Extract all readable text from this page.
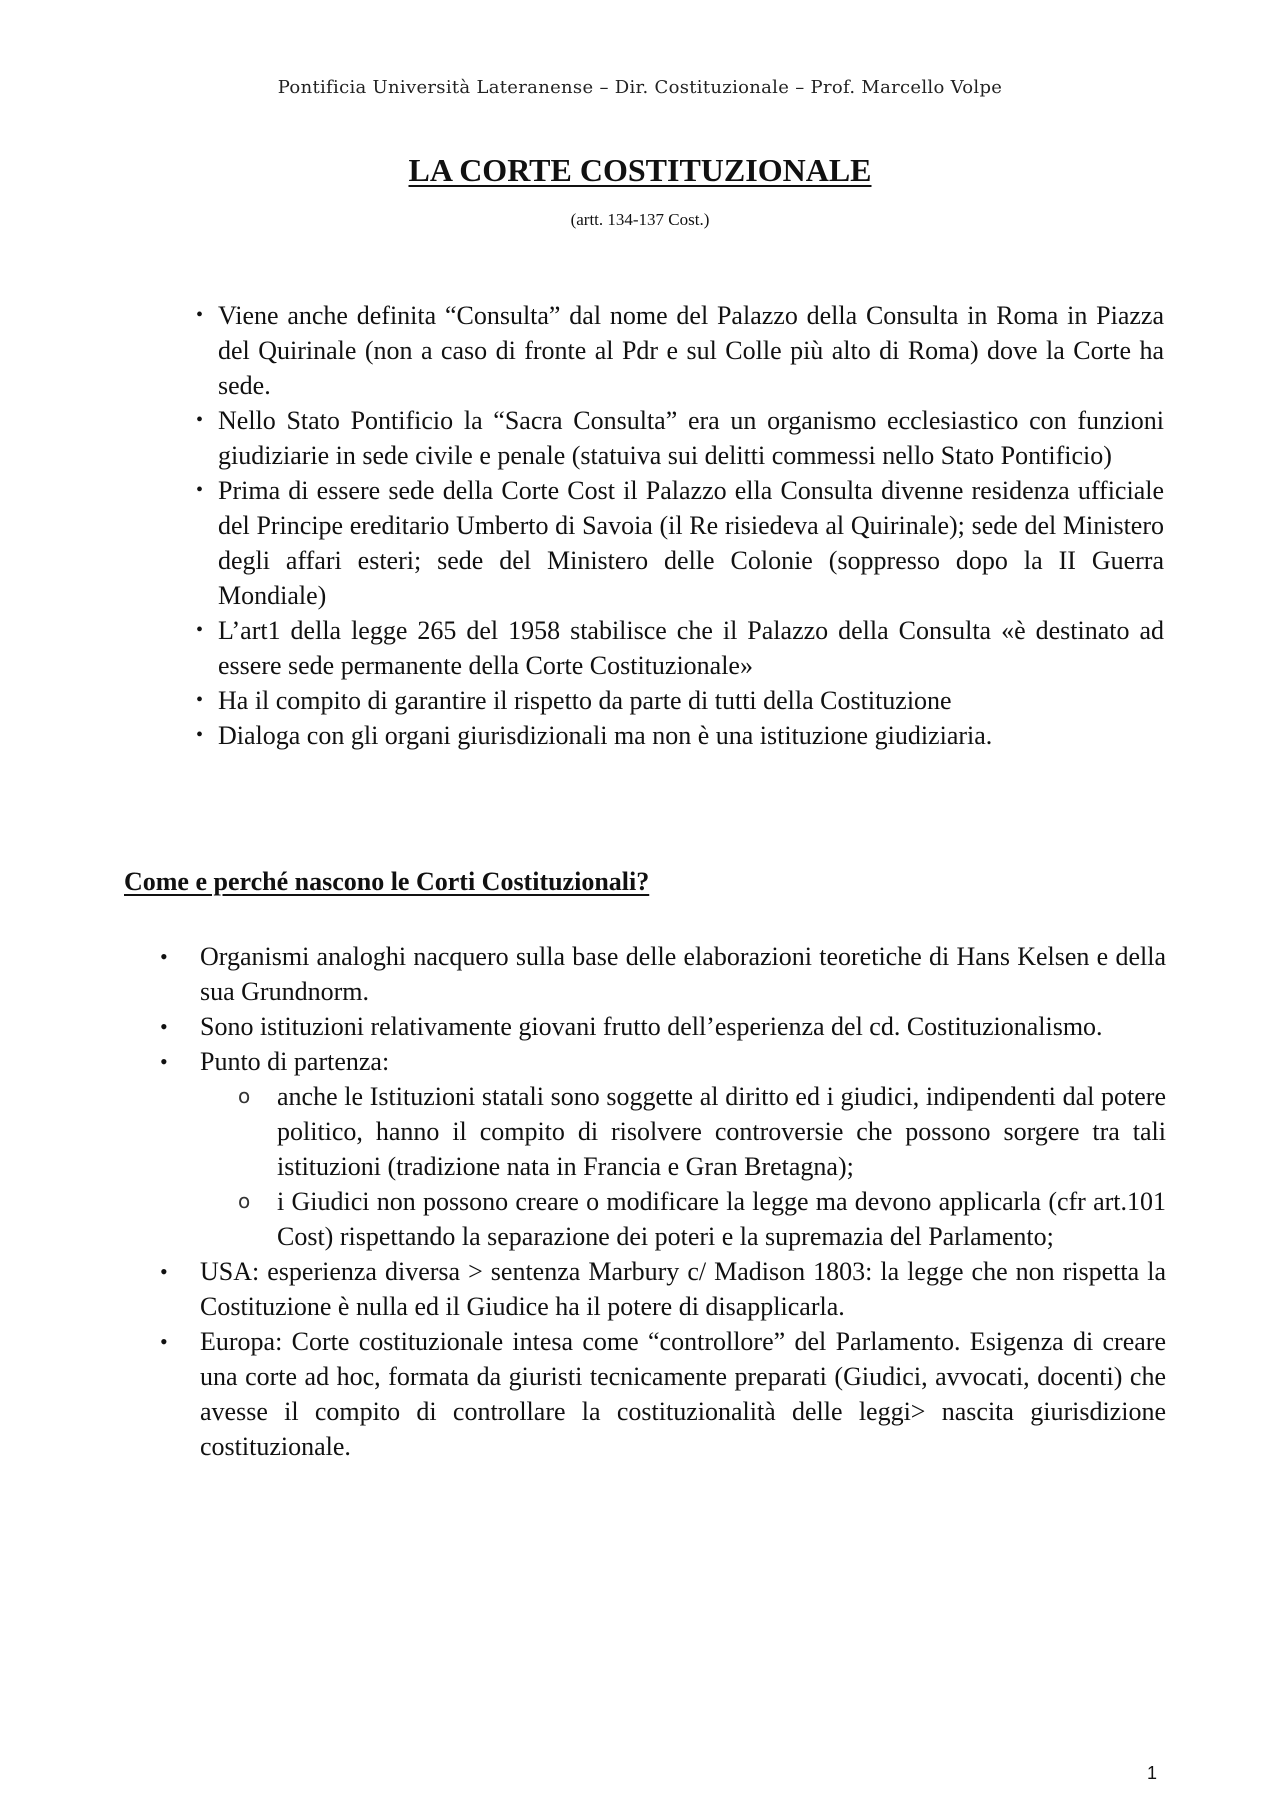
Pontificia Università Lateranense – Dir. Costituzionale – Prof. Marcello Volpe
LA CORTE COSTITUZIONALE
(artt. 134-137 Cost.)
• Viene anche definita “Consulta” dal nome del Palazzo della Consulta in Roma in Piazza del Quirinale (non a caso di fronte al Pdr e sul Colle più alto di Roma) dove la Corte ha sede.
• Nello Stato Pontificio la “Sacra Consulta” era un organismo ecclesiastico con funzioni giudiziarie in sede civile e penale (statuiva sui delitti commessi nello Stato Pontificio)
• Prima di essere sede della Corte Cost il Palazzo ella Consulta divenne residenza ufficiale del Principe ereditario Umberto di Savoia (il Re risiedeva al Quirinale); sede del Ministero degli affari esteri; sede del Ministero delle Colonie (soppresso dopo la II Guerra Mondiale)
• L’art1 della legge 265 del 1958 stabilisce che il Palazzo della Consulta «è destinato ad essere sede permanente della Corte Costituzionale»
• Ha il compito di garantire il rispetto da parte di tutti della Costituzione
• Dialoga con gli organi giurisdizionali ma non è una istituzione giudiziaria.
Come e perché nascono le Corti Costituzionali?
• Organismi analoghi nacquero sulla base delle elaborazioni teoretiche di Hans Kelsen e della sua Grundnorm.
• Sono istituzioni relativamente giovani frutto dell’esperienza del cd. Costituzionalismo.
• Punto di partenza:
o anche le Istituzioni statali sono soggette al diritto ed i giudici, indipendenti dal potere politico, hanno il compito di risolvere controversie che possono sorgere tra tali istituzioni (tradizione nata in Francia e Gran Bretagna);
o i Giudici non possono creare o modificare la legge ma devono applicarla (cfr art.101 Cost) rispettando la separazione dei poteri e la supremazia del Parlamento;
• USA: esperienza diversa > sentenza Marbury c/ Madison 1803: la legge che non rispetta la Costituzione è nulla ed il Giudice ha il potere di disapplicarla.
• Europa: Corte costituzionale intesa come “controllore” del Parlamento. Esigenza di creare una corte ad hoc, formata da giuristi tecnicamente preparati (Giudici, avvocati, docenti) che avesse il compito di controllare la costituzionalità delle leggi> nascita giurisdizione costituzionale.
1
